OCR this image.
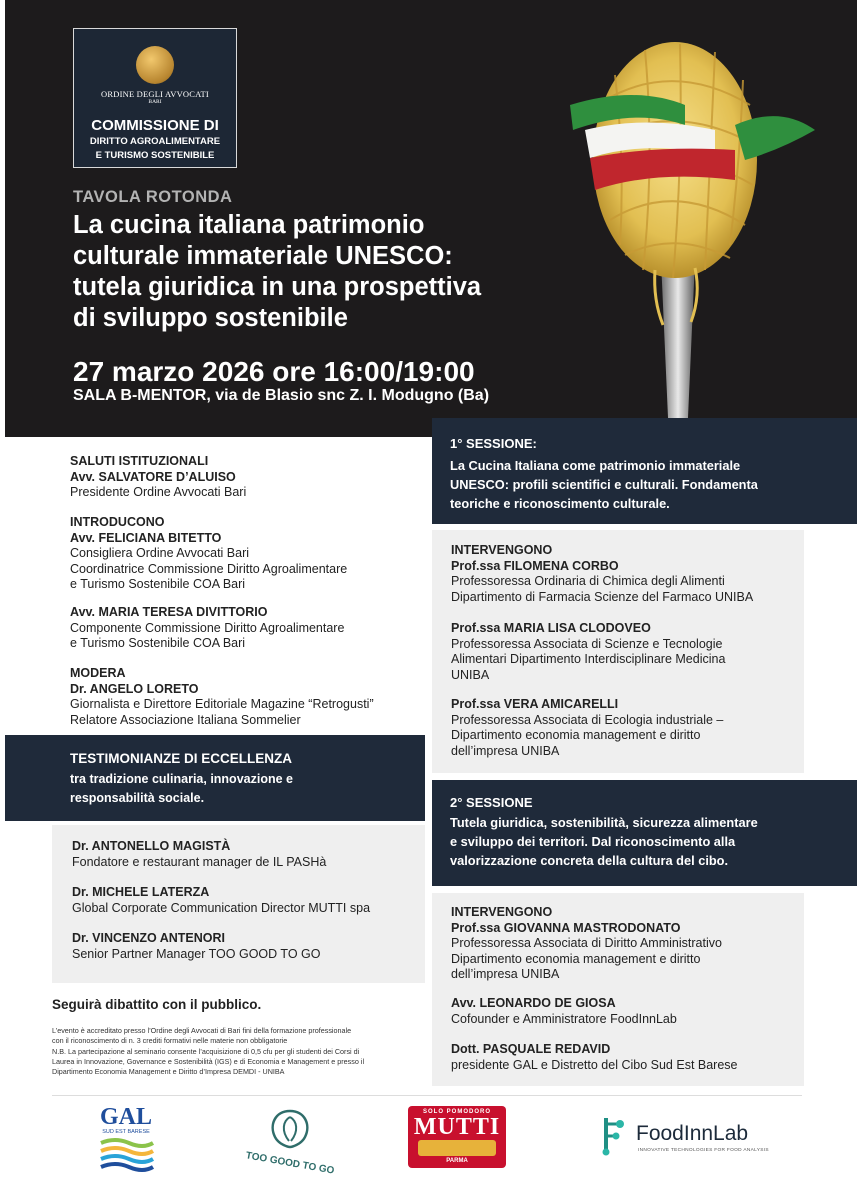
ORDINE DEGLI AVVOCATI
BARI
COMMISSIONE DI
DIRITTO AGROALIMENTARE
E TURISMO SOSTENIBILE
TAVOLA ROTONDA
La cucina italiana patrimonio
culturale immateriale UNESCO:
tutela giuridica in una prospettiva
di sviluppo sostenibile
27 marzo 2026 ore 16:00/19:00
SALA B-MENTOR, via de Blasio snc Z. I. Modugno (Ba)
SALUTI ISTITUZIONALI
Avv. SALVATORE D’ALUISO
Presidente Ordine Avvocati Bari
INTRODUCONO
Avv. FELICIANA BITETTO
Consigliera Ordine Avvocati Bari
Coordinatrice Commissione Diritto Agroalimentare
e Turismo Sostenibile COA Bari
Avv. MARIA TERESA DIVITTORIO
Componente Commissione Diritto Agroalimentare
e Turismo Sostenibile COA Bari
MODERA
Dr. ANGELO LORETO
Giornalista e Direttore Editoriale Magazine “Retrogusti”
Relatore Associazione Italiana Sommelier
TESTIMONIANZE DI ECCELLENZA
tra tradizione culinaria, innovazione e
responsabilità sociale.
Dr. ANTONELLO MAGISTÀ
Fondatore e restaurant manager de IL PASHà
Dr. MICHELE LATERZA
Global Corporate Communication Director MUTTI spa
Dr. VINCENZO ANTENORI
Senior Partner Manager TOO GOOD TO GO
Seguirà dibattito con il pubblico.
L’evento è accreditato presso l’Ordine degli Avvocati di Bari fini della formazione professionale
con il riconoscimento di n. 3 crediti formativi nelle materie non obbligatorie
N.B. La partecipazione al seminario consente l’acquisizione di 0,5 cfu per gli studenti dei Corsi di
Laurea in Innovazione, Governance e Sostenibilità (IGS) e di Economia e Management e presso il
Dipartimento Economia Management e Diritto d’Impresa DEMDI - UNIBA
1° SESSIONE:
La Cucina Italiana come patrimonio immateriale
UNESCO: profili scientifici e culturali. Fondamenta
teoriche e riconoscimento culturale.
INTERVENGONO
Prof.ssa FILOMENA CORBO
Professoressa Ordinaria di Chimica degli Alimenti
Dipartimento di Farmacia Scienze del Farmaco UNIBA
Prof.ssa MARIA LISA CLODOVEO
Professoressa Associata di Scienze e Tecnologie
Alimentari Dipartimento Interdisciplinare Medicina
UNIBA
Prof.ssa VERA AMICARELLI
Professoressa Associata di Ecologia industriale –
Dipartimento economia management e diritto
dell’impresa UNIBA
2° SESSIONE
Tutela giuridica, sostenibilità, sicurezza alimentare
e sviluppo dei territori. Dal riconoscimento alla
valorizzazione concreta della cultura del cibo.
INTERVENGONO
Prof.ssa GIOVANNA MASTRODONATO
Professoressa Associata di Diritto Amministrativo
Dipartimento economia management e diritto
dell’impresa UNIBA
Avv. LEONARDO DE GIOSA
Cofounder e Amministratore FoodInnLab
Dott. PASQUALE REDAVID
presidente GAL e Distretto del Cibo Sud Est Barese
GAL
SUD EST BARESE
TOO GOOD TO GO
SOLO POMODORO
MUTTI
PARMA
FoodInnLab
INNOVATIVE TECHNOLOGIES FOR FOOD ANALYSIS
